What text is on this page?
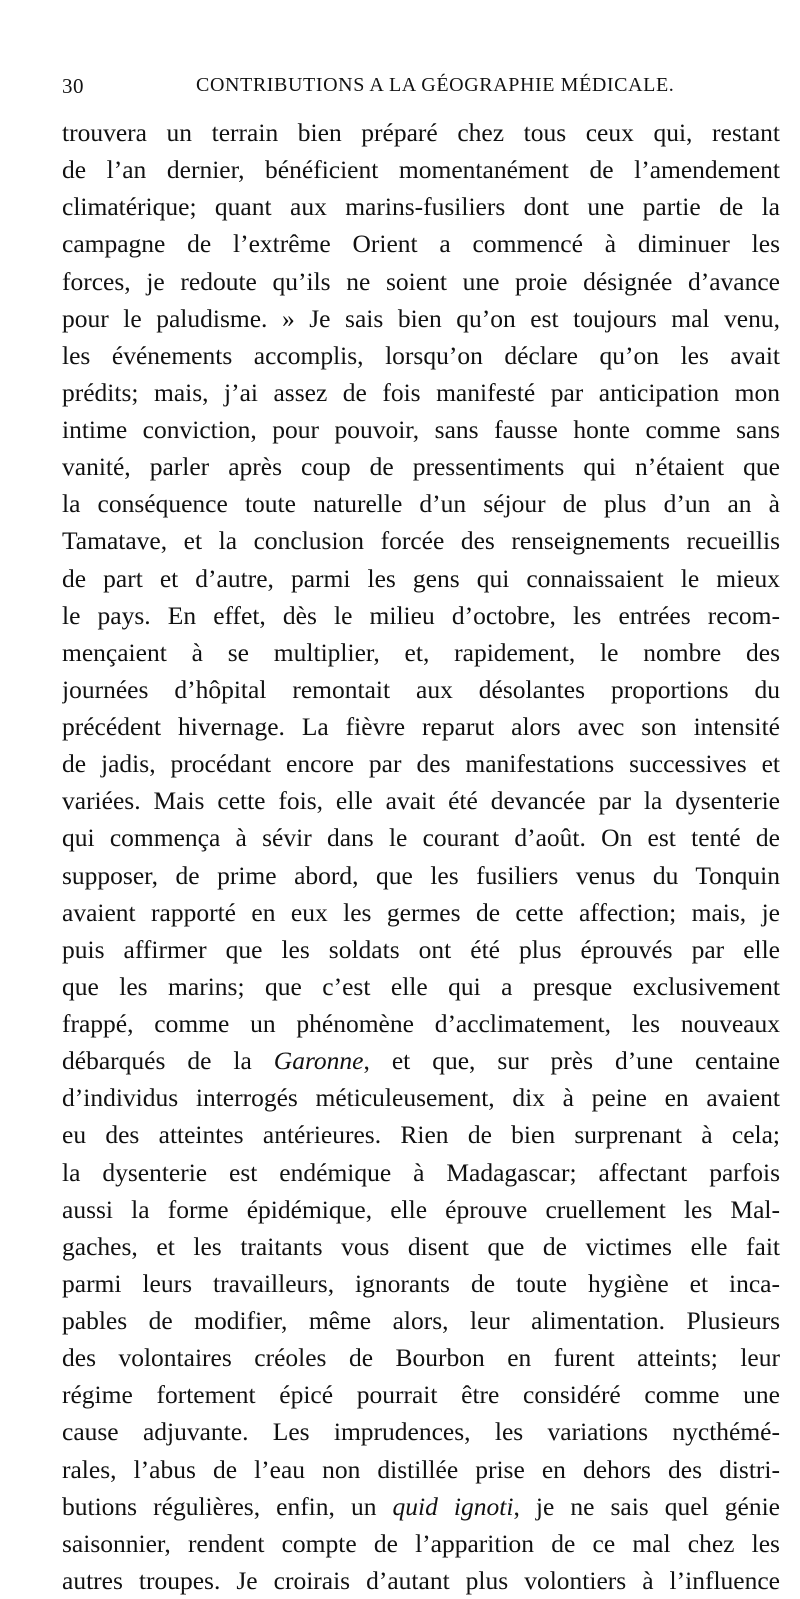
30	CONTRIBUTIONS A LA GÉOGRAPHIE MÉDICALE.
trouvera un terrain bien préparé chez tous ceux qui, restant
de l’an dernier, bénéficient momentanément de l’amendement
climatérique; quant aux marins-fusiliers dont une partie de la
campagne de l’extrême Orient a commencé à diminuer les
forces, je redoute qu’ils ne soient une proie désignée d’avance
pour le paludisme. » Je sais bien qu’on est toujours mal venu,
les événements accomplis, lorsqu’on déclare qu’on les avait
prédits; mais, j’ai assez de fois manifesté par anticipation mon
intime conviction, pour pouvoir, sans fausse honte comme sans
vanité, parler après coup de pressentiments qui n’étaient que
la conséquence toute naturelle d’un séjour de plus d’un an à
Tamatave, et la conclusion forcée des renseignements recueillis
de part et d’autre, parmi les gens qui connaissaient le mieux
le pays. En effet, dès le milieu d’octobre, les entrées recom-
mençaient à se multiplier, et, rapidement, le nombre des
journées d’hôpital remontait aux désolantes proportions du
précédent hivernage. La fièvre reparut alors avec son intensité
de jadis, procédant encore par des manifestations successives et
variées. Mais cette fois, elle avait été devancée par la dysenterie
qui commença à sévir dans le courant d’août. On est tenté de
supposer, de prime abord, que les fusiliers venus du Tonquin
avaient rapporté en eux les germes de cette affection; mais, je
puis affirmer que les soldats ont été plus éprouvés par elle
que les marins; que c’est elle qui a presque exclusivement
frappé, comme un phénomène d’acclimatement, les nouveaux
débarqués de la Garonne, et que, sur près d’une centaine
d’individus interrogés méticuleusement, dix à peine en avaient
eu des atteintes antérieures. Rien de bien surprenant à cela;
la dysenterie est endémique à Madagascar; affectant parfois
aussi la forme épidémique, elle éprouve cruellement les Mal-
gaches, et les traitants vous disent que de victimes elle fait
parmi leurs travailleurs, ignorants de toute hygiène et inca-
pables de modifier, même alors, leur alimentation. Plusieurs
des volontaires créoles de Bourbon en furent atteints; leur
régime fortement épicé pourrait être considéré comme une
cause adjuvante. Les imprudences, les variations nycthémé-
rales, l’abus de l’eau non distillée prise en dehors des distri-
butions régulières, enfin, un quid ignoti, je ne sais quel génie
saisonnier, rendent compte de l’apparition de ce mal chez les
autres troupes. Je croirais d’autant plus volontiers à l’influence
